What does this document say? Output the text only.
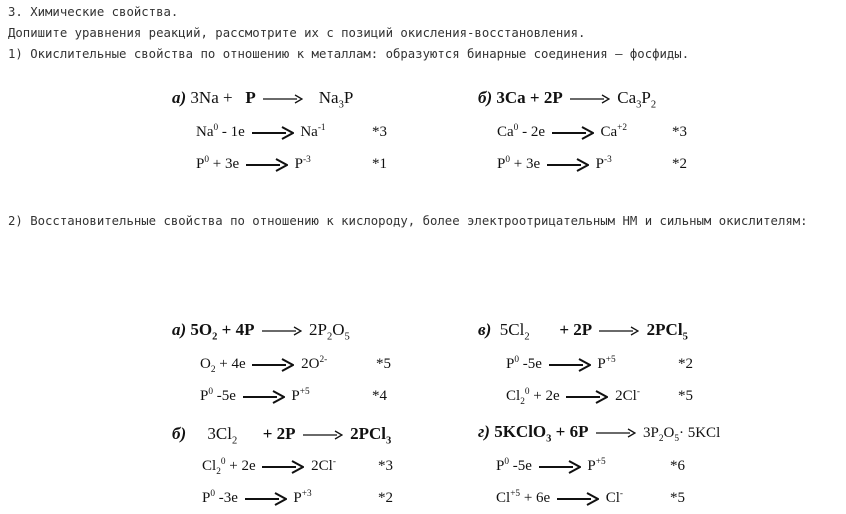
3. Химические свойства.
Допишите уравнения реакций, рассмотрите их с позиций окисления-восстановления.
1) Окислительные свойства по отношению к металлам: образуются бинарные соединения – фосфиды.
2) Восстановительные свойства по отношению к кислороду, более электроотрицательным НМ и сильным окислителям:
а) 3Na + P	$Na_3P$
Na$^0$ - 1e	$Na^{-1}$	*3
$P^0 + 3e$	$P^{-3}$	*1
б) 3Ca + 2P	$Ca_3P_2$
Ca$^0$ - 2e	$Ca^{+2}$	*3
$P^0 + 3e$	$P^{-3}$	*2
а) $5O_2 + 4P$	$2P_2O_5$
$O_2 + 4e$	$2O^{2-}$	*5
$P^0$ -5e	$P^{+5}$	*4
в) $5Cl_2 + 2P$	2PCl$_5$
$P^0$ -5e	$P^{+5}$	*2
$Cl_2^0 + 2e$	2Cl-	*5
б) $3Cl_2 + 2P$	2PCl$_3$
$Cl_2^0 + 2e$	2Cl-	*3
$P^0$ -3e	$P^{+3}$	*2
г) 5KClO$_3$ + 6P	$3P_2O_5\cdot 5KCl$
$P^0$ -5e	$P^{+5}$	*6
$Cl^{+5} + 6e$	Cl-	*5
